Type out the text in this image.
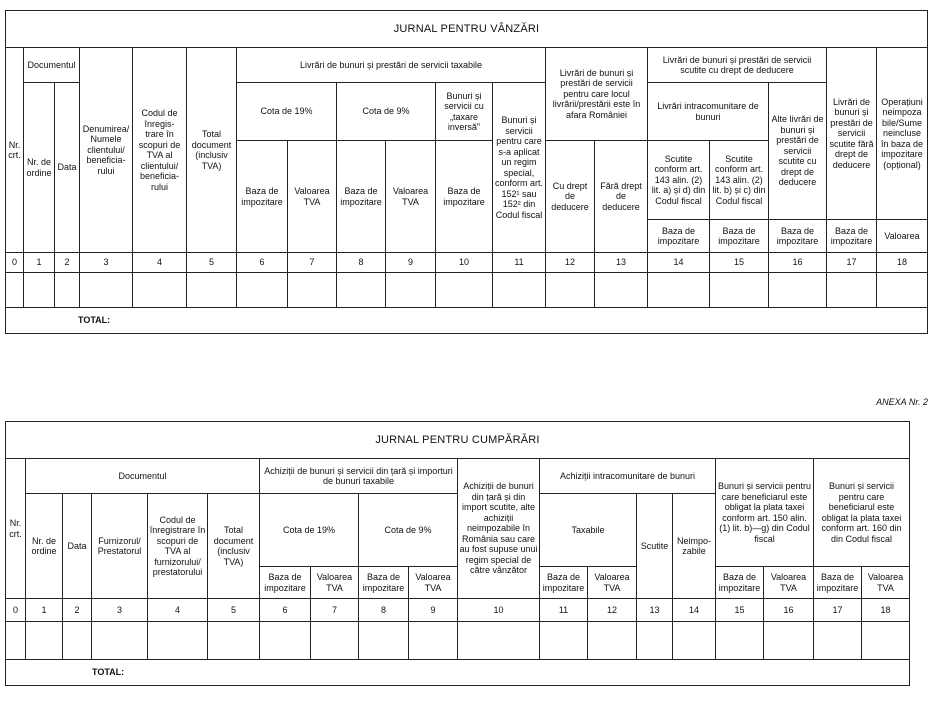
JURNAL PENTRU VÂNZĂRI																		
Nr. crt.	Documentul		Denumirea/ Numele clientului/ beneficia- rului	Codul de înregis- trare în scopuri de TVA al clientului/ beneficia- rului	Total document (inclusiv TVA)	Livrări de bunuri și prestări de servicii taxabile						Livrări de bunuri și prestări de servicii pentru care locul livrării/prestării este în afara României		Livrări de bunuri și prestări de servicii scutite cu drept de deducere			Livrări de bunuri și prestări de servicii scutite fără drept de deducere	Operațiuni neimpoza bile/Sume neincluse în baza de impozitare (opțional)
	Nr. de ordine	Data				Cota de 19%		Cota de 9%		Bunuri și servicii cu „taxare inversă"	Bunuri și servicii pentru care s-a aplicat un regim special, conform art. 152¹ sau 152² din Codul fiscal			Livrări intracomunitare de bunuri		Alte livrări de bunuri și prestări de servicii scutite cu drept de deducere		
						Baza de impozitare	Valoarea TVA	Baza de impozitare	Valoarea TVA	Baza de impozitare		Cu drept de deducere	Fără drept de deducere	Scutite conform art. 143 alin. (2) lit. a) și d) din Codul fiscal	Scutite conform art. 143 alin. (2) lit. b) și c) din Codul fiscal			
														Baza de impozitare	Baza de impozitare	Baza de impozitare	Baza de impozitare	Valoarea
0	1	2	3	4	5	6	7	8	9	10	11	12	13	14	15	16	17	18

TOTAL:																		
ANEXA Nr. 2
JURNAL PENTRU CUMPĂRĂRI																		
Nr. crt.	Documentul					Achiziții de bunuri și servicii din țară și importuri de bunuri taxabile				Achiziții de bunuri din țară și din import scutite, alte achiziții neimpozabile în România sau care au fost supuse unui regim special de către vânzător	Achiziții intracomunitare de bunuri				Bunuri și servicii pentru care beneficiarul este obligat la plata taxei conform art. 150 alin. (1) lit. b)—g) din Codul fiscal		Bunuri și servicii pentru care beneficiarul este obligat la plata taxei conform art. 160 din din Codul fiscal	
	Nr. de ordine	Data	Furnizorul/ Prestatorul	Codul de înregistrare în scopuri de TVA al furnizorului/ prestatorului	Total document (inclusiv TVA)	Cota de 19%		Cota de 9%			Taxabile		Scutite	Neimpo- zabile				
						Baza de impozitare	Valoarea TVA	Baza de impozitare	Valoarea TVA		Baza de impozitare	Valoarea TVA			Baza de impozitare	Valoarea TVA	Baza de impozitare	Valoarea TVA
0	1	2	3	4	5	6	7	8	9	10	11	12	13	14	15	16	17	18

TOTAL:																		
